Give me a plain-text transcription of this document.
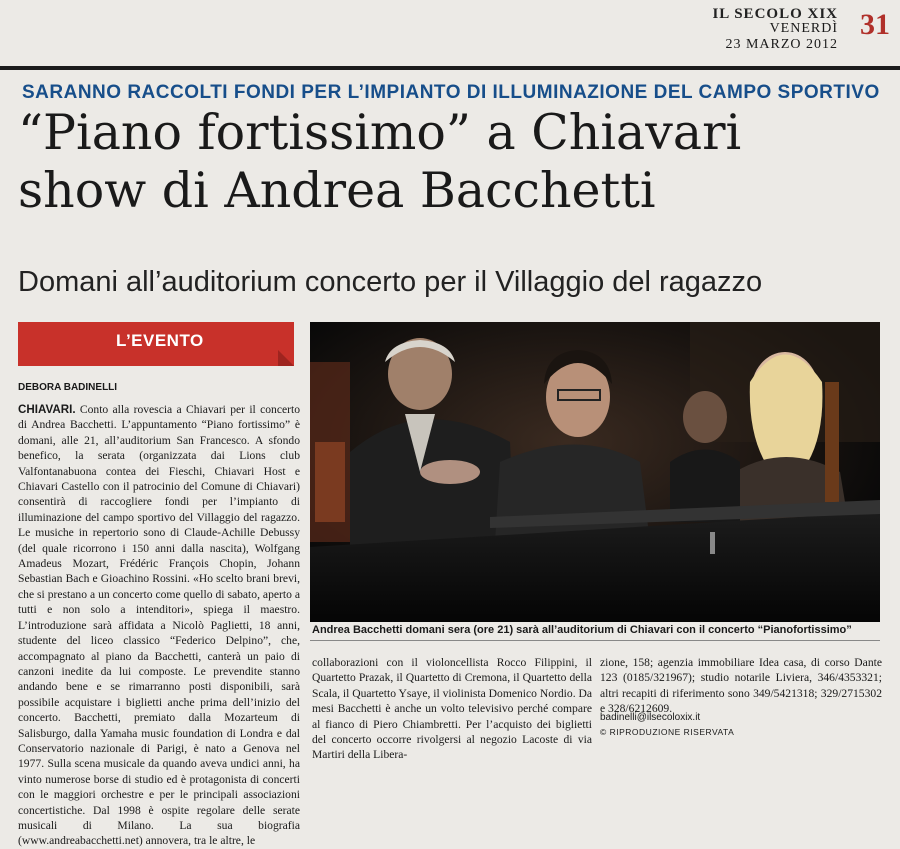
IL SECOLO XIX
VENERDÌ
23 MARZO 2012
31
SARANNO RACCOLTI FONDI PER L’IMPIANTO DI ILLUMINAZIONE DEL CAMPO SPORTIVO
“Piano fortissimo” a Chiavari
show di Andrea Bacchetti
Domani all’auditorium concerto per il Villaggio del ragazzo
L’EVENTO
DEBORA BADINELLI
CHIAVARI. Conto alla rovescia a Chiavari per il concerto di Andrea Bacchetti. L’appuntamento “Piano fortissimo” è domani, alle 21, all’auditorium San Francesco. A sfondo benefico, la serata (organizzata dai Lions club Valfontanabuona contea dei Fieschi, Chiavari Host e Chiavari Castello con il patrocinio del Comune di Chiavari) consentirà di raccogliere fondi per l’impianto di illuminazione del campo sportivo del Villaggio del ragazzo. Le musiche in repertorio sono di Claude-Achille Debussy (del quale ricorrono i 150 anni dalla nascita), Wolfgang Amadeus Mozart, Frédéric François Chopin, Johann Sebastian Bach e Gioachino Rossini. «Ho scelto brani brevi, che si prestano a un concerto come quello di sabato, aperto a tutti e non solo a intenditori», spiega il maestro. L’introduzione sarà affidata a Nicolò Paglietti, 18 anni, studente del liceo classico “Federico Delpino”, che, accompagnato al piano da Bacchetti, canterà un paio di canzoni inedite da lui composte. Le prevendite stanno andando bene e se rimarranno posti disponibili, sarà possibile acquistare i biglietti anche prima dell’inizio del concerto. Bacchetti, premiato dalla Mozarteum di Salisburgo, dalla Yamaha music foundation di Londra e dal Conservatorio nazionale di Parigi, è nato a Genova nel 1977. Sulla scena musicale da quando aveva undici anni, ha vinto numerose borse di studio ed è protagonista di concerti con le maggiori orchestre e per le principali associazioni concertistiche. Dal 1998 è ospite regolare delle serate musicali di Milano. La sua biografia (www.andreabacchetti.net) annovera, tra le altre, le
Andrea Bacchetti domani sera (ore 21) sarà all’auditorium di Chiavari con il concerto “Pianofortissimo”
collaborazioni con il violoncellista Rocco Filippini, il Quartetto Prazak, il Quartetto di Cremona, il Quartetto della Scala, il Quartetto Ysaye, il violinista Domenico Nordio. Da mesi Bacchetti è anche un volto televisivo perché compare al fianco di Piero Chiambretti. Per l’acquisto dei biglietti del concerto occorre rivolgersi al negozio Lacoste di via Martiri della Libera-
zione, 158; agenzia immobiliare Idea casa, di corso Dante 123 (0185/321967); studio notarile Liviera, 346/4353321; altri recapiti di riferimento sono 349/5421318; 329/2715302 e 328/6212609.
badinelli@ilsecoloxix.it
© RIPRODUZIONE RISERVATA
